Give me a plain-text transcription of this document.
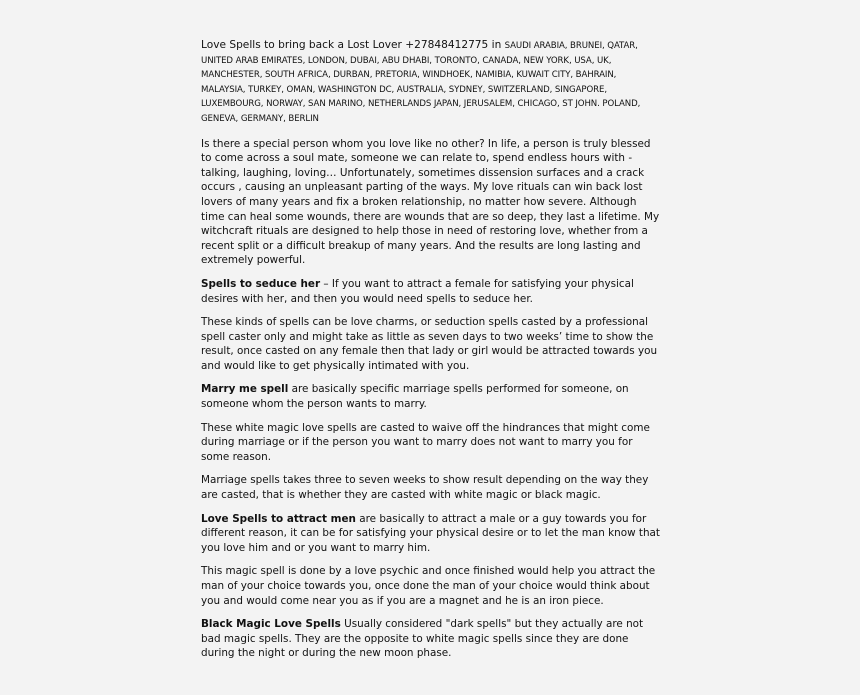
Love Spells to bring back a Lost Lover +27848412775 in SAUDI ARABIA, BRUNEI, QATAR, UNITED ARAB EMIRATES, LONDON, DUBAI, ABU DHABI, TORONTO, CANADA, NEW YORK, USA, UK, MANCHESTER, SOUTH AFRICA, DURBAN, PRETORIA, WINDHOEK, NAMIBIA, KUWAIT CITY, BAHRAIN, MALAYSIA, TURKEY, OMAN, WASHINGTON DC, AUSTRALIA, SYDNEY, SWITZERLAND, SINGAPORE, LUXEMBOURG, NORWAY, SAN MARINO, NETHERLANDS JAPAN, JERUSALEM, CHICAGO, ST JOHN. POLAND, GENEVA, GERMANY, BERLIN

Is there a special person whom you love like no other? In life, a person is truly blessed to come across a soul mate, someone we can relate to, spend endless hours with - talking, laughing, loving… Unfortunately, sometimes dissension surfaces and a crack occurs , causing an unpleasant parting of the ways. My love rituals can win back lost lovers of many years and fix a broken relationship, no matter how severe. Although time can heal some wounds, there are wounds that are so deep, they last a lifetime. My witchcraft rituals are designed to help those in need of restoring love, whether from a recent split or a difficult breakup of many years. And the results are long lasting and extremely powerful.

Spells to seduce her – If you want to attract a female for satisfying your physical desires with her, and then you would need spells to seduce her.

These kinds of spells can be love charms, or seduction spells casted by a professional spell caster only and might take as little as seven days to two weeks’ time to show the result, once casted on any female then that lady or girl would be attracted towards you and would like to get physically intimated with you.

Marry me spell are basically specific marriage spells performed for someone, on someone whom the person wants to marry.

These white magic love spells are casted to waive off the hindrances that might come during marriage or if the person you want to marry does not want to marry you for some reason.

Marriage spells takes three to seven weeks to show result depending on the way they are casted, that is whether they are casted with white magic or black magic.

Love Spells to attract men are basically to attract a male or a guy towards you for different reason, it can be for satisfying your physical desire or to let the man know that you love him and or you want to marry him.

This magic spell is done by a love psychic and once finished would help you attract the man of your choice towards you, once done the man of your choice would think about you and would come near you as if you are a magnet and he is an iron piece.

Black Magic Love Spells Usually considered "dark spells" but they actually are not bad magic spells. They are the opposite to white magic spells since they are done during the night or during the new moon phase.
